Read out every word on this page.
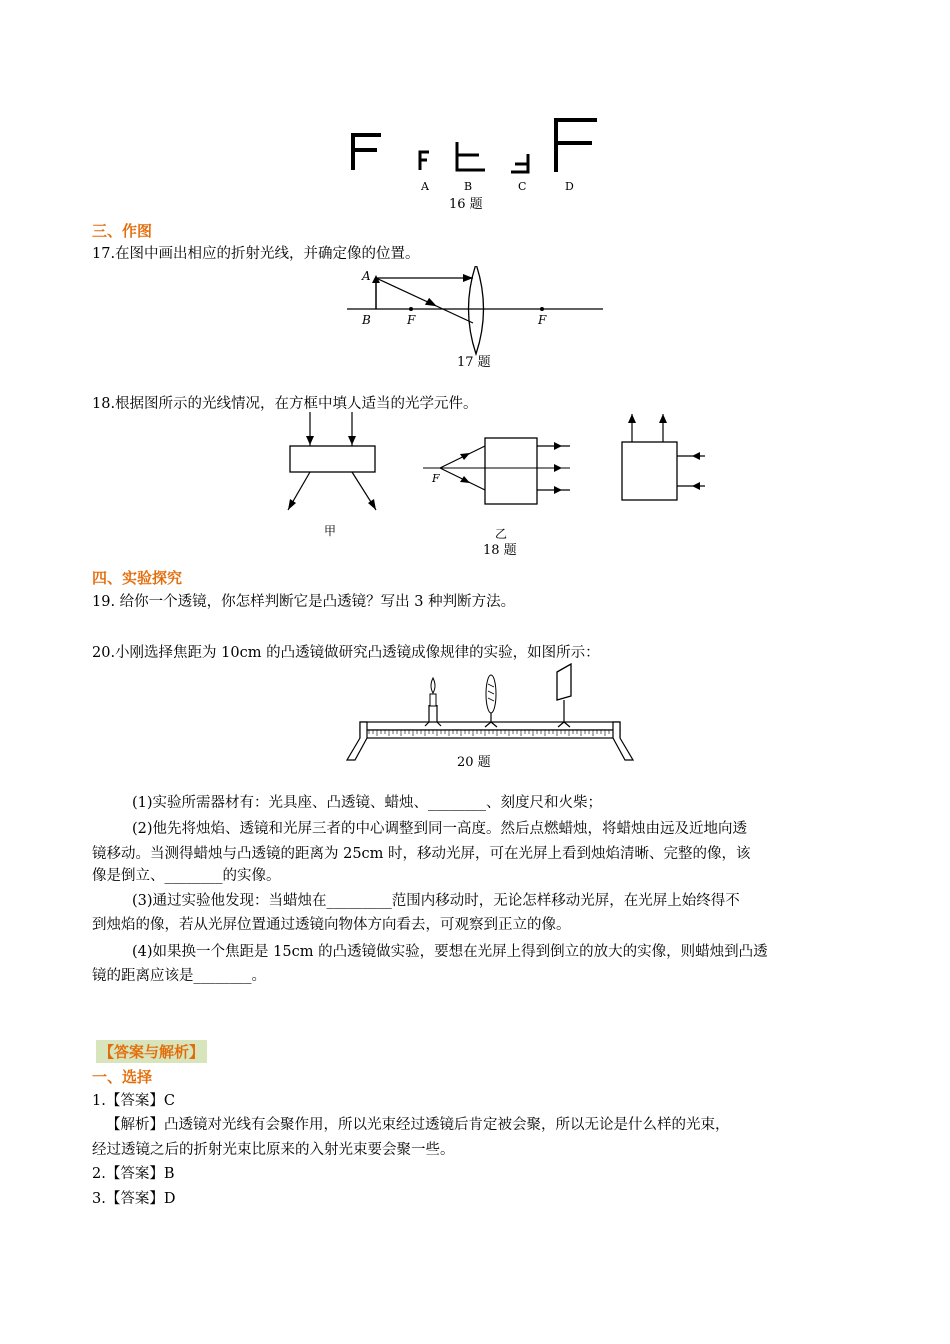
A	B	C	D
16 题
三、作图
17.在图中画出相应的折射光线，并确定像的位置。
A
B	F	F
17 题
18.根据图所示的光线情况，在方框中填人适当的光学元件。
甲
F
乙
18 题
四、实验探究
19. 给你一个透镜，你怎样判断它是凸透镜？写出 3 种判断方法。
20.小刚选择焦距为 10cm 的凸透镜做研究凸透镜成像规律的实验，如图所示：
20 题
(1)实验所需器材有：光具座、凸透镜、蜡烛、________、刻度尺和火柴；
(2)他先将烛焰、透镜和光屏三者的中心调整到同一高度。然后点燃蜡烛，将蜡烛由远及近地向透
镜移动。当测得蜡烛与凸透镜的距离为 25cm 时，移动光屏，可在光屏上看到烛焰清晰、完整的像，该
像是倒立、________的实像。
(3)通过实验他发现：当蜡烛在_________范围内移动时，无论怎样移动光屏，在光屏上始终得不
到烛焰的像，若从光屏位置通过透镜向物体方向看去，可观察到正立的像。
(4)如果换一个焦距是 15cm 的凸透镜做实验，要想在光屏上得到倒立的放大的实像，则蜡烛到凸透
镜的距离应该是________。
【答案与解析】
一、选择
1.【答案】C
【解析】凸透镜对光线有会聚作用，所以光束经过透镜后肯定被会聚，所以无论是什么样的光束，
经过透镜之后的折射光束比原来的入射光束要会聚一些。
2.【答案】B
3.【答案】D
